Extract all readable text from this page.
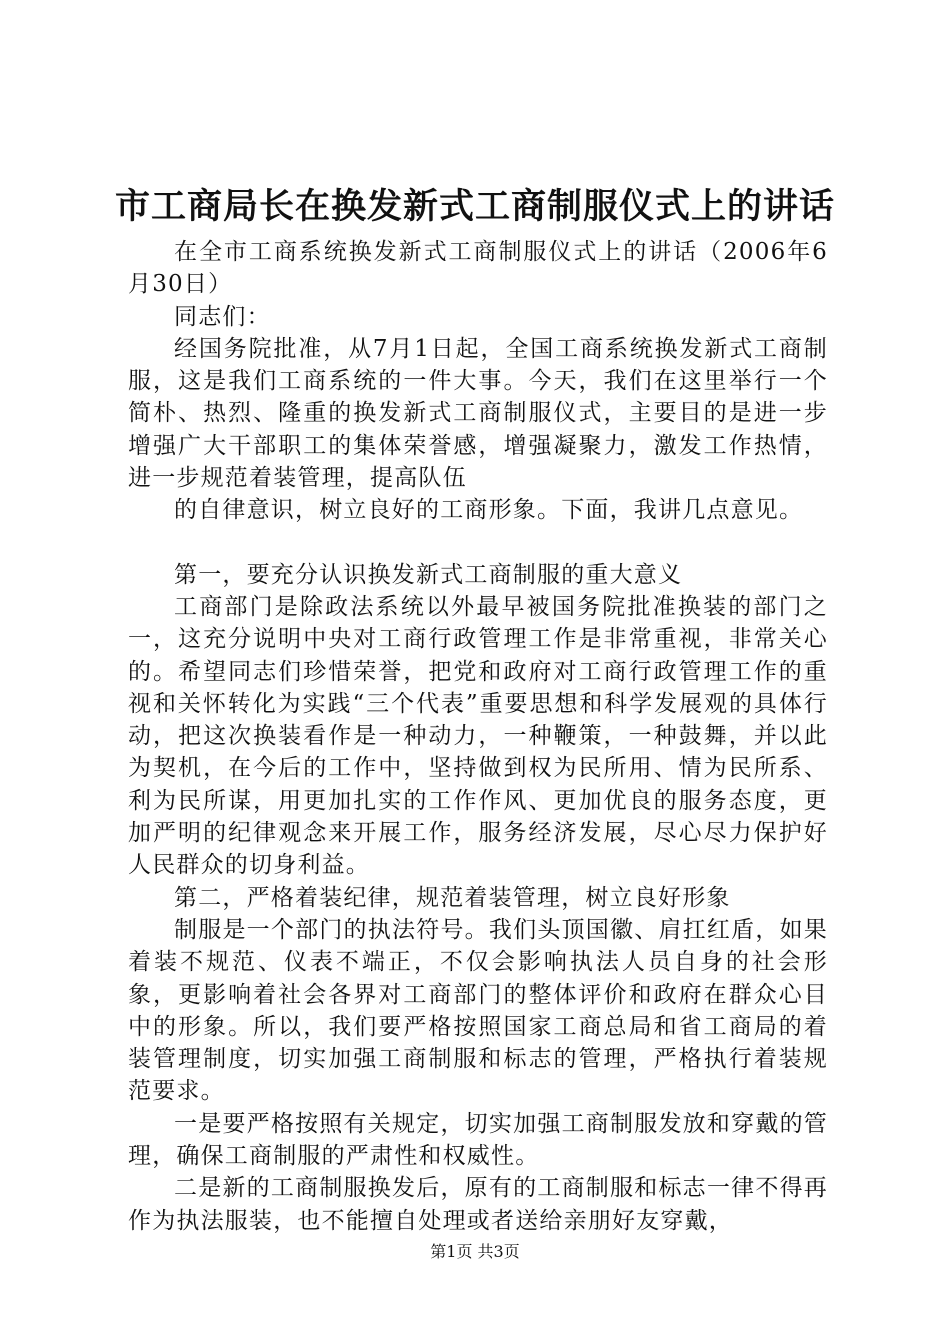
市工商局长在换发新式工商制服仪式上的讲话

在全市工商系统换发新式工商制服仪式上的讲话（2006年6月30日）

同志们：

经国务院批准，从7月1日起，全国工商系统换发新式工商制服，这是我们工商系统的一件大事。今天，我们在这里举行一个简朴、热烈、隆重的换发新式工商制服仪式，主要目的是进一步增强广大干部职工的集体荣誉感，增强凝聚力，激发工作热情，进一步规范着装管理，提高队伍

的自律意识，树立良好的工商形象。下面，我讲几点意见。

第一，要充分认识换发新式工商制服的重大意义

工商部门是除政法系统以外最早被国务院批准换装的部门之一，这充分说明中央对工商行政管理工作是非常重视，非常关心的。希望同志们珍惜荣誉，把党和政府对工商行政管理工作的重视和关怀转化为实践“三个代表”重要思想和科学发展观的具体行动，把这次换装看作是一种动力，一种鞭策，一种鼓舞，并以此为契机，在今后的工作中，坚持做到权为民所用、情为民所系、利为民所谋，用更加扎实的工作作风、更加优良的服务态度，更加严明的纪律观念来开展工作，服务经济发展，尽心尽力保护好人民群众的切身利益。

第二，严格着装纪律，规范着装管理，树立良好形象

制服是一个部门的执法符号。我们头顶国徽、肩扛红盾，如果着装不规范、仪表不端正，不仅会影响执法人员自身的社会形象，更影响着社会各界对工商部门的整体评价和政府在群众心目中的形象。所以，我们要严格按照国家工商总局和省工商局的着装管理制度，切实加强工商制服和标志的管理，严格执行着装规范要求。

一是要严格按照有关规定，切实加强工商制服发放和穿戴的管理，确保工商制服的严肃性和权威性。

二是新的工商制服换发后，原有的工商制服和标志一律不得再作为执法服装，也不能擅自处理或者送给亲朋好友穿戴，

第1页 共3页
